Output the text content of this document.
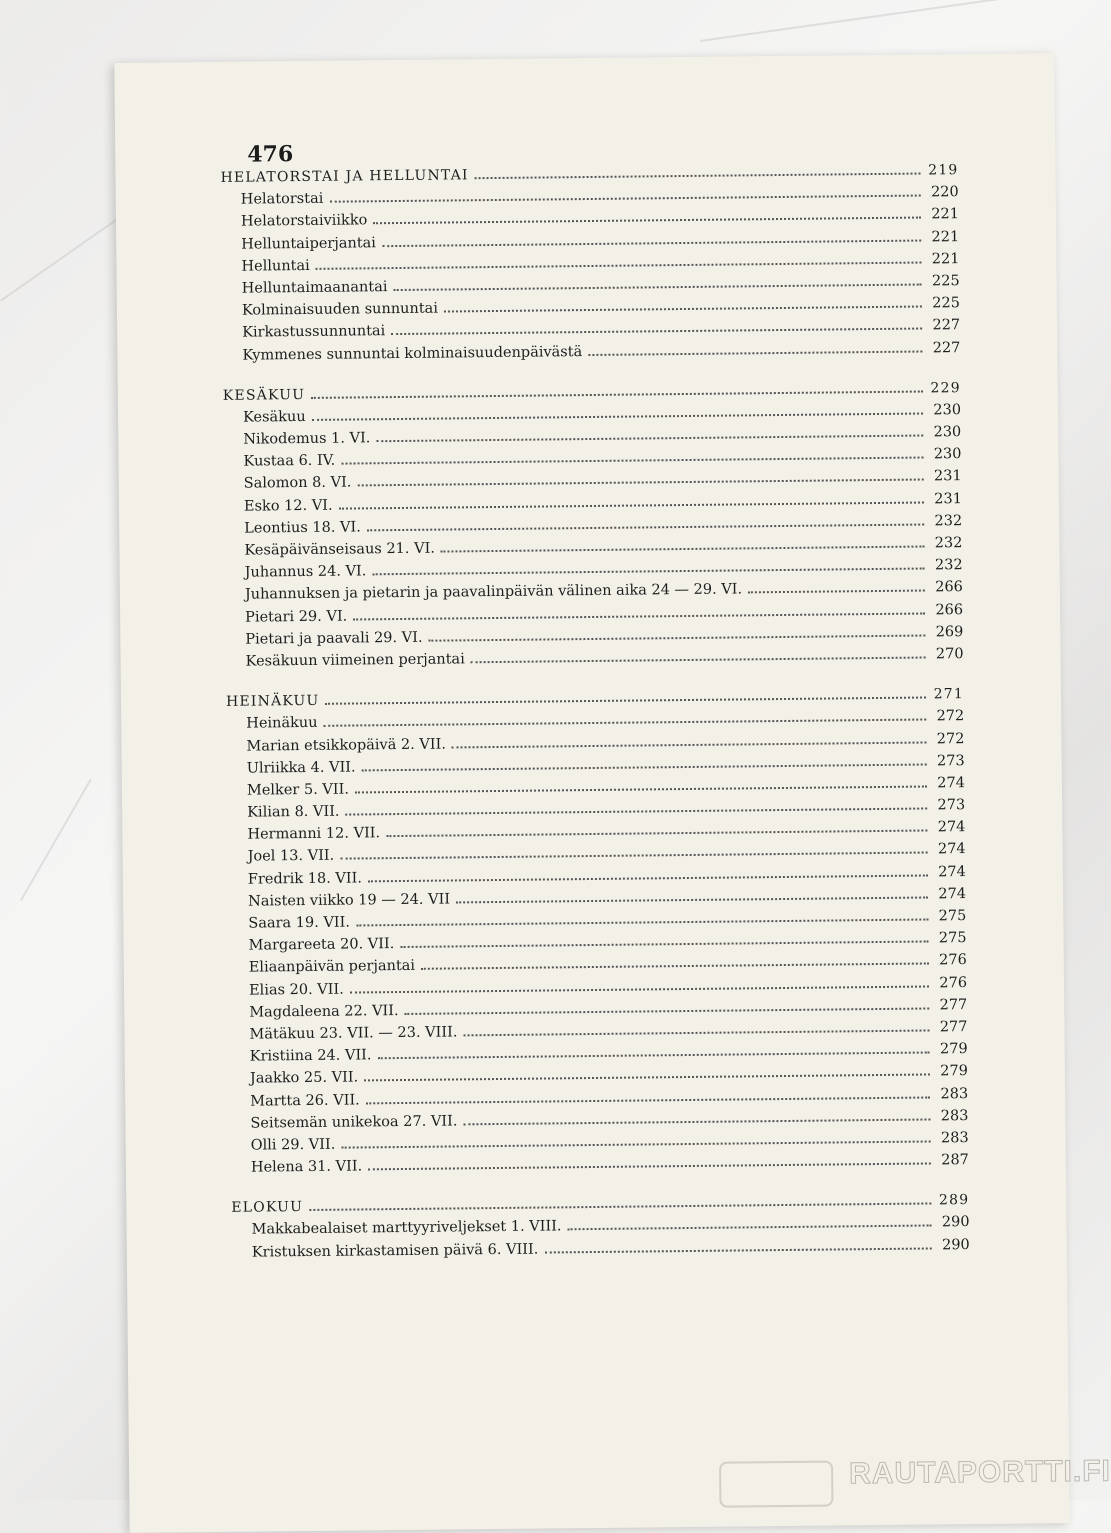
476
HELATORSTAI JA HELLUNTAI	219
Helatorstai	220
Helatorstaiviikko	221
Helluntaiperjantai	221
Helluntai	221
Helluntaimaanantai	225
Kolminaisuuden sunnuntai	225
Kirkastussunnuntai	227
Kymmenes sunnuntai kolminaisuudenpäivästä	227
KESÄKUU	229
Kesäkuu	230
Nikodemus 1. VI.	230
Kustaa 6. IV.	230
Salomon 8. VI.	231
Esko 12. VI.	231
Leontius 18. VI.	232
Kesäpäivänseisaus 21. VI.	232
Juhannus 24. VI.	232
Juhannuksen ja pietarin ja paavalinpäivän välinen aika 24 — 29. VI.	266
Pietari 29. VI.	266
Pietari ja paavali 29. VI.	269
Kesäkuun viimeinen perjantai	270
HEINÄKUU	271
Heinäkuu	272
Marian etsikkopäivä 2. VII.	272
Ulriikka 4. VII.	273
Melker 5. VII.	274
Kilian 8. VII.	273
Hermanni 12. VII.	274
Joel 13. VII.	274
Fredrik 18. VII.	274
Naisten viikko 19 — 24. VII	274
Saara 19. VII.	275
Margareeta 20. VII.	275
Eliaanpäivän perjantai	276
Elias 20. VII.	276
Magdaleena 22. VII.	277
Mätäkuu 23. VII. — 23. VIII.	277
Kristiina 24. VII.	279
Jaakko 25. VII.	279
Martta 26. VII.	283
Seitsemän unikekoa 27. VII.	283
Olli 29. VII.	283
Helena 31. VII.	287
ELOKUU	289
Makkabealaiset marttyyriveljekset 1. VIII.	290
Kristuksen kirkastamisen päivä 6. VIII.	290
RAUTAPORTTI.FI
